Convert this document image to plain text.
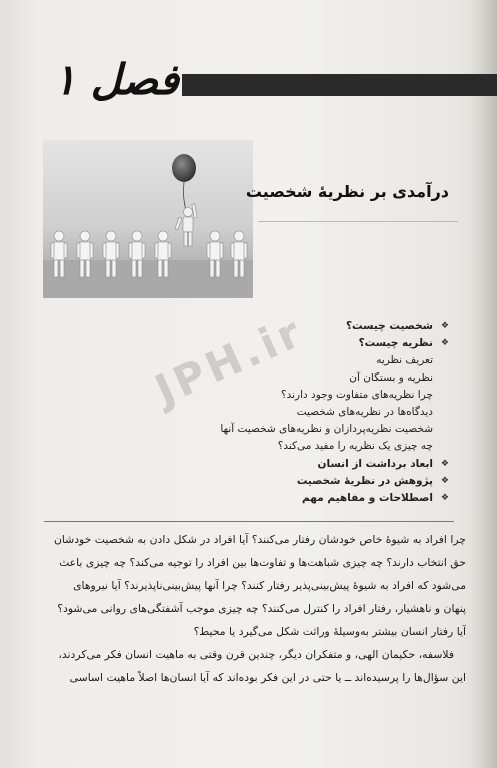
فصل ۱
درآمدی بر نظریهٔ شخصیت
❖
شخصیت چیست؟
❖
نظریه چیست؟
تعریف نظریه
نظریه و بستگان آن
چرا نظریه‌های متفاوت وجود دارند؟
دیدگاه‌ها در نظریه‌های شخصیت
شخصیت نظریه‌پردازان و نظریه‌های شخصیت آنها
چه چیزی یک نظریه را مفید می‌کند؟
❖
ابعاد برداشت از انسان
❖
پژوهش در نظریهٔ شخصیت
❖
اصطلاحات و مفاهیم مهم
JPH.ir

چرا افراد به شیوهٔ خاص خودشان رفتار می‌کنند؟ آیا افراد در شکل دادن به شخصیت خودشان

حق انتخاب دارند؟ چه چیزی شباهت‌ها و تفاوت‌ها بین افراد را توجیه می‌کند؟ چه چیزی باعث

می‌شود که افراد به شیوهٔ پیش‌بینی‌پذیر رفتار کنند؟ چرا آنها پیش‌بینی‌ناپذیرند؟ آیا نیروهای

پنهان و ناهشیار، رفتار افراد را کنترل می‌کنند؟ چه چیزی موجب آشفتگی‌های روانی می‌شود؟

آیا رفتار انسان بیشتر به‌وسیلهٔ وراثت شکل می‌گیرد یا محیط؟

فلاسفه، حکیمان الهی، و متفکران دیگر، چندین قرن وقتی به ماهیت انسان فکر می‌کردند،

این سؤال‌ها را پرسیده‌اند ــ یا حتی در این فکر بوده‌اند که آیا انسان‌ها اصلاً ماهیت اساسی
